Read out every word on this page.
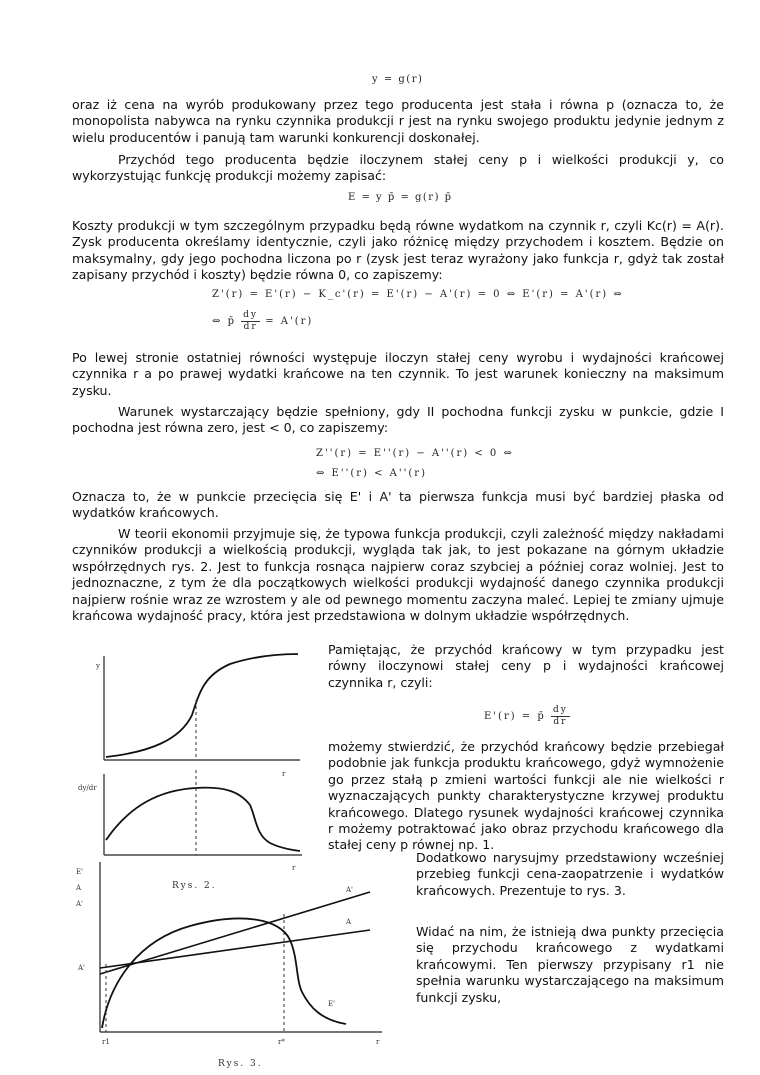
y = g(r)

oraz iż cena na wyrób produkowany przez tego producenta jest stała i równa p (oznacza to, że monopolista nabywca na rynku czynnika produkcji r jest na rynku swojego produktu jedynie jednym z wielu producentów i panują tam warunki konkurencji doskonałej.

Przychód tego producenta będzie iloczynem stałej ceny p i wielkości produkcji y, co wykorzystując funkcję produkcji możemy zapisać:

E = y p̄ = g(r) p̄

Koszty produkcji w tym szczególnym przypadku będą równe wydatkom na czynnik r, czyli Kc(r) = A(r). Zysk producenta określamy identycznie, czyli jako różnicę między przychodem i kosztem. Będzie on maksymalny, gdy jego pochodna liczona po r (zysk jest teraz wyrażony jako funkcja r, gdyż tak został zapisany przychód i koszty) będzie równa 0, co zapiszemy:

Z'(r) = E'(r) − K_c'(r) = E'(r) − A'(r) = 0 ⇔ E'(r) = A'(r) ⇔
⇔ p̄ $\frac{dy}{dr} = A'(r)$

Po lewej stronie ostatniej równości występuje iloczyn stałej ceny wyrobu i wydajności krańcowej czynnika r a po prawej wydatki krańcowe na ten czynnik. To jest warunek konieczny na maksimum zysku.

Warunek wystarczający będzie spełniony, gdy II pochodna funkcji zysku w punkcie, gdzie I pochodna jest równa zero, jest < 0, co zapiszemy:

Z''(r) = E''(r) − A''(r) < 0 ⇔
⇔ E''(r) < A''(r)

Oznacza to, że w punkcie przecięcia się E' i A' ta pierwsza funkcja musi być bardziej płaska od wydatków krańcowych.

W teorii ekonomii przyjmuje się, że typowa funkcja produkcji, czyli zależność między nakładami czynników produkcji a wielkością produkcji, wygląda tak jak, to jest pokazane na górnym układzie współrzędnych rys. 2. Jest to funkcja rosnąca najpierw coraz szybciej a później coraz wolniej. Jest to jednoznaczne, z tym że dla początkowych wielkości produkcji wydajność danego czynnika produkcji najpierw rośnie wraz ze wzrostem y ale od pewnego momentu zaczyna maleć. Lepiej te zmiany ujmuje krańcowa wydajność pracy, która jest przedstawiona w dolnym układzie współrzędnych.

Pamiętając, że przychód krańcowy w tym przypadku jest równy iloczynowi stałej ceny p i wydajności krańcowej czynnika r, czyli:

E'(r) = p̄ $\frac{dy}{dr}$

możemy stwierdzić, że przychód krańcowy będzie przebiegał podobnie jak funkcja produktu krańcowego, gdyż wymnożenie go przez stałą p zmieni wartości funkcji ale nie wielkości r wyznaczających punkty charakterystyczne krzywej produktu krańcowego. Dlatego rysunek wydajności krańcowej czynnika r możemy potraktować jako obraz przychodu krańcowego dla stałej ceny p równej np. 1.

Dodatkowo narysujmy przedstawiony wcześniej przebieg funkcji cena-zaopatrzenie i wydatków krańcowych. Prezentuje to rys. 3.

Widać na nim, że istnieją dwa punkty przecięcia się przychodu krańcowego z wydatkami krańcowymi. Ten pierwszy przypisany r1 nie spełnia warunku wystarczającego na maksimum funkcji zysku,

y
r
dy/dr
r
Rys. 2.
E'
A
A'
A'
A'
A
E'
r1	r*	r
Rys. 3.
